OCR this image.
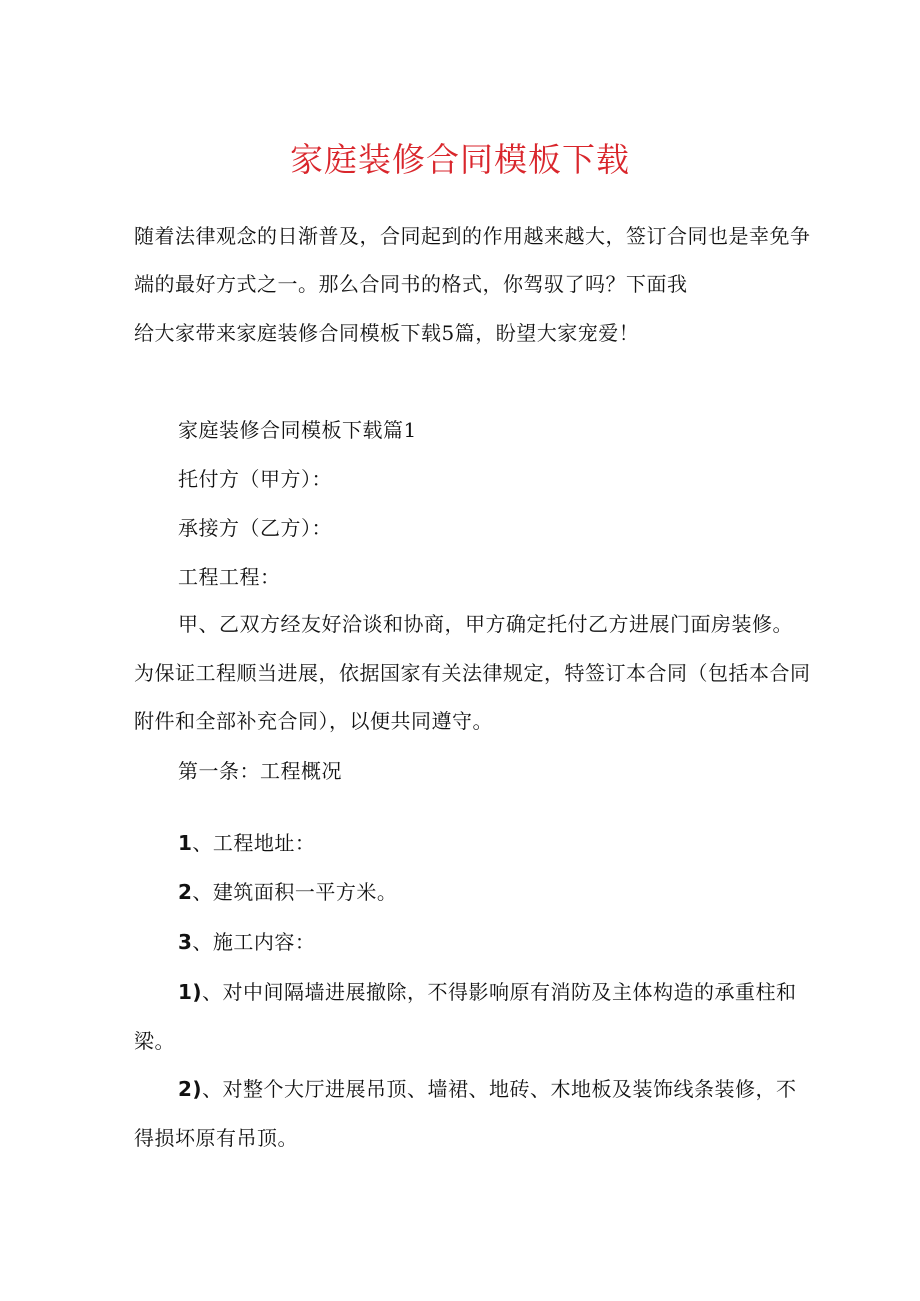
家庭装修合同模板下载
随着法律观念的日渐普及，合同起到的作用越来越大，签订合同也是幸免争
端的最好方式之一。那么合同书的格式，你驾驭了吗？下面我
给大家带来家庭装修合同模板下载5篇，盼望大家宠爱！
家庭装修合同模板下载篇1
托付方（甲方）：
承接方（乙方）：
工程工程：
甲、乙双方经友好洽谈和协商，甲方确定托付乙方进展门面房装修。
为保证工程顺当进展，依据国家有关法律规定，特签订本合同（包括本合同
附件和全部补充合同），以便共同遵守。
第一条：工程概况
1、工程地址：
2、建筑面积一平方米。
3、施工内容：
1)、对中间隔墙进展撤除，不得影响原有消防及主体构造的承重柱和
梁。
2)、对整个大厅进展吊顶、墙裙、地砖、木地板及装饰线条装修，不
得损坏原有吊顶。
